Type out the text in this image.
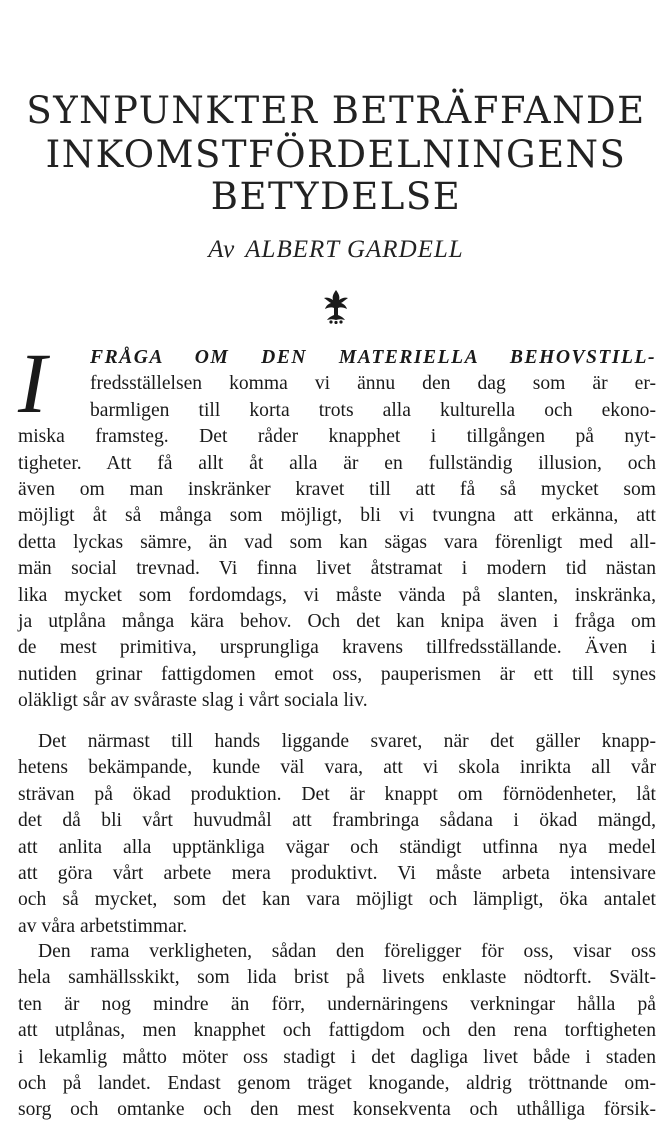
SYNPUNKTER BETRÄFFANDE
INKOMSTFÖRDELNINGENS
BETYDELSE
Av ALBERT GARDELL
I	FRÅGA OM DEN MATERIELLA BEHOVSTILL-
fredsställelsen komma vi ännu den dag som är er-
barmligen till korta trots alla kulturella och ekono-
miska framsteg. Det råder knapphet i tillgången på nyt-
tigheter. Att få allt åt alla är en fullständig illusion, och
även om man inskränker kravet till att få så mycket som
möjligt åt så många som möjligt, bli vi tvungna att erkänna, att
detta lyckas sämre, än vad som kan sägas vara förenligt med all-
män social trevnad. Vi finna livet åtstramat i modern tid nästan
lika mycket som fordomdags, vi måste vända på slanten, inskränka,
ja utplåna många kära behov. Och det kan knipa även i fråga om
de mest primitiva, ursprungliga kravens tillfredsställande. Även i
nutiden grinar fattigdomen emot oss, pauperismen är ett till synes
oläkligt sår av svåraste slag i vårt sociala liv.
Det närmast till hands liggande svaret, när det gäller knapp-
hetens bekämpande, kunde väl vara, att vi skola inrikta all vår
strävan på ökad produktion. Det är knappt om förnödenheter, låt
det då bli vårt huvudmål att frambringa sådana i ökad mängd,
att anlita alla upptänkliga vägar och ständigt utfinna nya medel
att göra vårt arbete mera produktivt. Vi måste arbeta intensivare
och så mycket, som det kan vara möjligt och lämpligt, öka antalet
av våra arbetstimmar.
Den rama verkligheten, sådan den föreligger för oss, visar oss
hela samhällsskikt, som lida brist på livets enklaste nödtorft. Svält-
ten är nog mindre än förr, undernäringens verkningar hålla på
att utplånas, men knapphet och fattigdom och den rena torftigheten
i lekamlig måtto möter oss stadigt i det dagliga livet både i staden
och på landet. Endast genom träget knogande, aldrig tröttnande om-
sorg och omtanke och den mest konsekventa och uthålliga försik-
